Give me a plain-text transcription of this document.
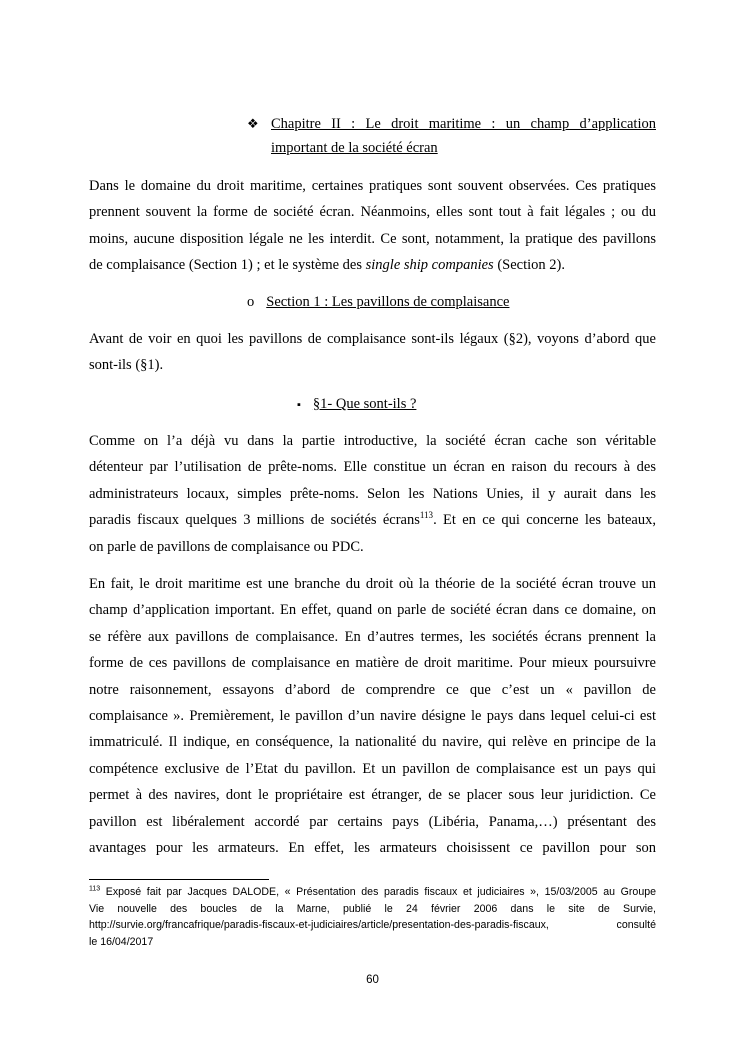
❖ Chapitre II : Le droit maritime : un champ d’application
important de la société écran

Dans le domaine du droit maritime, certaines pratiques sont souvent observées. Ces pratiques
prennent souvent la forme de société écran. Néanmoins, elles sont tout à fait légales ; ou du
moins, aucune disposition légale ne les interdit. Ce sont, notamment, la pratique des pavillons
de complaisance (Section 1) ; et le système des single ship companies (Section 2).

o Section 1 : Les pavillons de complaisance

Avant de voir en quoi les pavillons de complaisance sont-ils légaux (§2), voyons d’abord que
sont-ils (§1).

▪ §1- Que sont-ils ?

Comme on l’a déjà vu dans la partie introductive, la société écran cache son véritable
détenteur par l’utilisation de prête-noms. Elle constitue un écran en raison du recours à des
administrateurs locaux, simples prête-noms. Selon les Nations Unies, il y aurait dans les
paradis fiscaux quelques 3 millions de sociétés écrans$^{113}$. Et en ce qui concerne les bateaux,
on parle de pavillons de complaisance ou PDC.

En fait, le droit maritime est une branche du droit où la théorie de la société écran trouve un
champ d’application important. En effet, quand on parle de société écran dans ce domaine, on
se réfère aux pavillons de complaisance. En d’autres termes, les sociétés écrans prennent la
forme de ces pavillons de complaisance en matière de droit maritime. Pour mieux poursuivre
notre raisonnement, essayons d’abord de comprendre ce que c’est un « pavillon de
complaisance ». Premièrement, le pavillon d’un navire désigne le pays dans lequel celui-ci est
immatriculé. Il indique, en conséquence, la nationalité du navire, qui relève en principe de la
compétence exclusive de l’Etat du pavillon. Et un pavillon de complaisance est un pays qui
permet à des navires, dont le propriétaire est étranger, de se placer sous leur juridiction. Ce
pavillon est libéralement accordé par certains pays (Libéria, Panama,…) présentant des
avantages pour les armateurs. En effet, les armateurs choisissent ce pavillon pour son

$^{113}$ Exposé fait par Jacques DALODE, « Présentation des paradis fiscaux et judiciaires », 15/03/2005 au Groupe
Vie nouvelle des boucles de la Marne, publié le 24 février 2006 dans le site de Survie,
http://survie.org/francafrique/paradis-fiscaux-et-judiciaires/article/presentation-des-paradis-fiscaux, consulté
le 16/04/2017
60
